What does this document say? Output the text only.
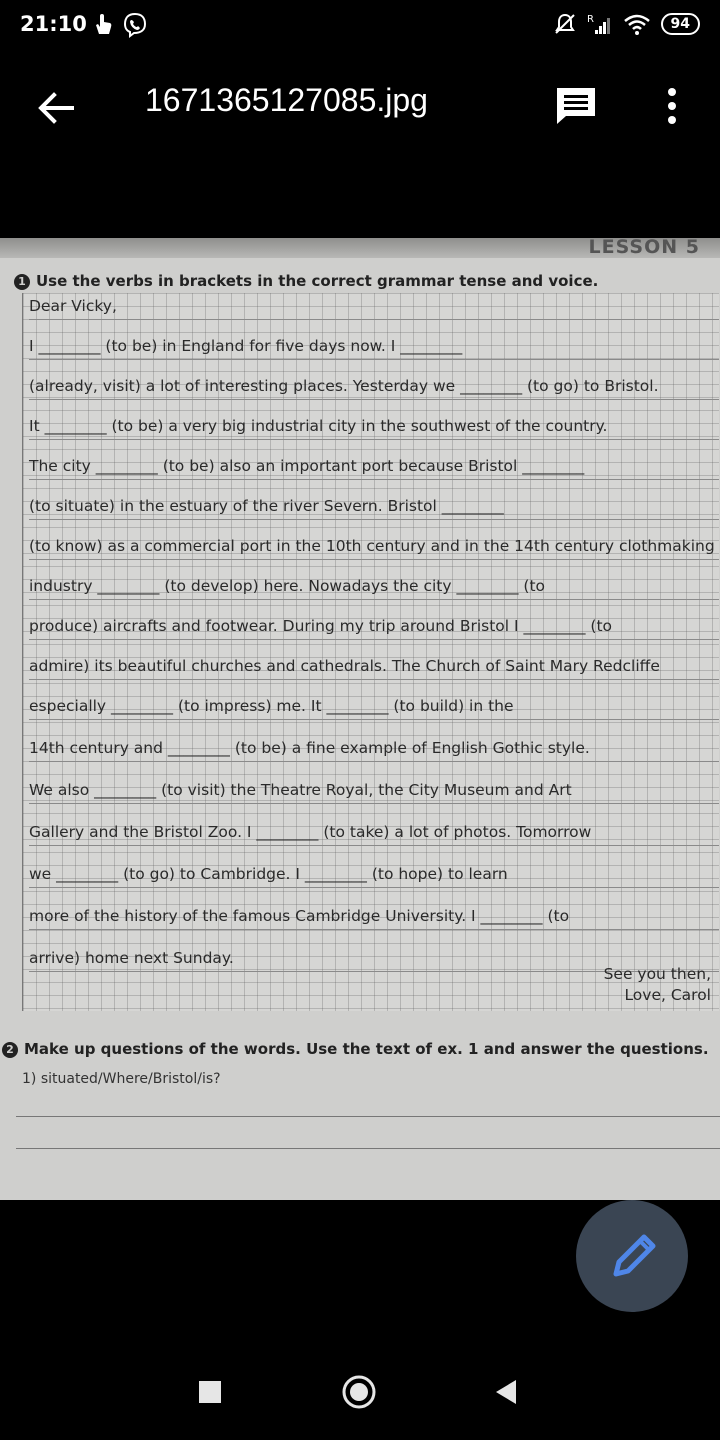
21:10	R	94
1671365127085.jpg
LESSON 5
1 Use the verbs in brackets in the correct grammar tense and voice.
Dear Vicky,
I ________ (to be) in England for five days now. I ________
(already, visit) a lot of interesting places. Yesterday we ________ (to go) to Bristol.
It ________ (to be) a very big industrial city in the southwest of the country.
The city ________ (to be) also an important port because Bristol ________
(to situate) in the estuary of the river Severn. Bristol ________
(to know) as a commercial port in the 10th century and in the 14th century clothmaking
industry ________ (to develop) here. Nowadays the city ________ (to
produce) aircrafts and footwear. During my trip around Bristol I ________ (to
admire) its beautiful churches and cathedrals. The Church of Saint Mary Redcliffe
especially ________ (to impress) me. It ________ (to build) in the
14th century and ________ (to be) a fine example of English Gothic style.
We also ________ (to visit) the Theatre Royal, the City Museum and Art
Gallery and the Bristol Zoo. I ________ (to take) a lot of photos. Tomorrow
we ________ (to go) to Cambridge. I ________ (to hope) to learn
more of the history of the famous Cambridge University. I ________ (to
arrive) home next Sunday.
See you then,
Love, Carol
2 Make up questions of the words. Use the text of ex. 1 and answer the questions.
1) situated/Where/Bristol/is?
